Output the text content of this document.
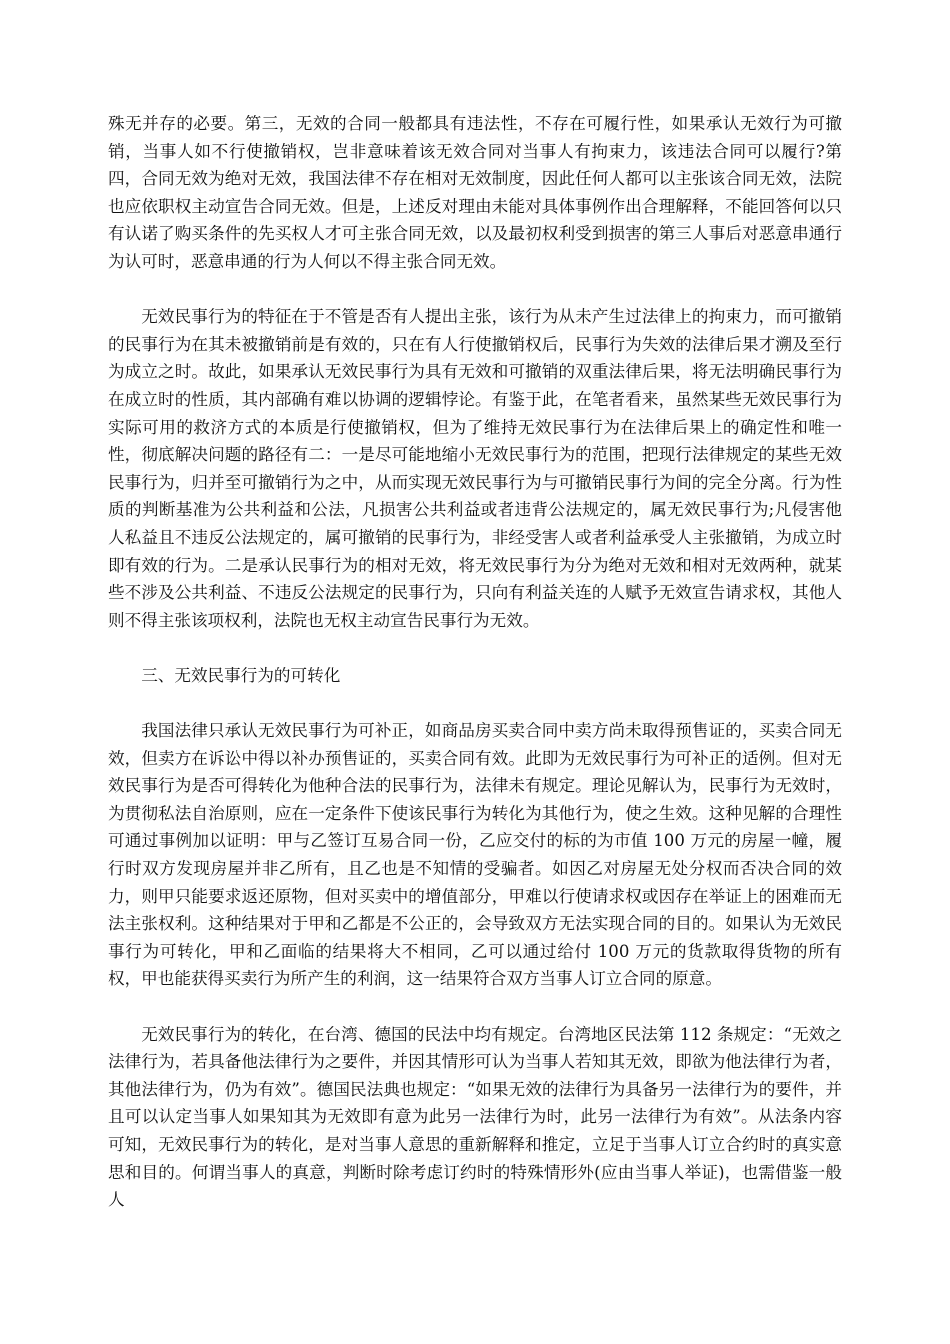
殊无并存的必要。第三，无效的合同一般都具有违法性，不存在可履行性，如果承认无效行为可撤销，当事人如不行使撤销权，岂非意味着该无效合同对当事人有拘束力，该违法合同可以履行?第四，合同无效为绝对无效，我国法律不存在相对无效制度，因此任何人都可以主张该合同无效，法院也应依职权主动宣告合同无效。但是，上述反对理由未能对具体事例作出合理解释，不能回答何以只有认诺了购买条件的先买权人才可主张合同无效，以及最初权利受到损害的第三人事后对恶意串通行为认可时，恶意串通的行为人何以不得主张合同无效。

无效民事行为的特征在于不管是否有人提出主张，该行为从未产生过法律上的拘束力，而可撤销的民事行为在其未被撤销前是有效的，只在有人行使撤销权后，民事行为失效的法律后果才溯及至行为成立之时。故此，如果承认无效民事行为具有无效和可撤销的双重法律后果，将无法明确民事行为在成立时的性质，其内部确有难以协调的逻辑悖论。有鉴于此，在笔者看来，虽然某些无效民事行为实际可用的救济方式的本质是行使撤销权，但为了维持无效民事行为在法律后果上的确定性和唯一性，彻底解决问题的路径有二：一是尽可能地缩小无效民事行为的范围，把现行法律规定的某些无效民事行为，归并至可撤销行为之中，从而实现无效民事行为与可撤销民事行为间的完全分离。行为性质的判断基准为公共利益和公法，凡损害公共利益或者违背公法规定的，属无效民事行为;凡侵害他人私益且不违反公法规定的，属可撤销的民事行为，非经受害人或者利益承受人主张撤销，为成立时即有效的行为。二是承认民事行为的相对无效，将无效民事行为分为绝对无效和相对无效两种，就某些不涉及公共利益、不违反公法规定的民事行为，只向有利益关连的人赋予无效宣告请求权，其他人则不得主张该项权利，法院也无权主动宣告民事行为无效。

三、无效民事行为的可转化

我国法律只承认无效民事行为可补正，如商品房买卖合同中卖方尚未取得预售证的，买卖合同无效，但卖方在诉讼中得以补办预售证的，买卖合同有效。此即为无效民事行为可补正的适例。但对无效民事行为是否可得转化为他种合法的民事行为，法律未有规定。理论见解认为，民事行为无效时，为贯彻私法自治原则，应在一定条件下使该民事行为转化为其他行为，使之生效。这种见解的合理性可通过事例加以证明：甲与乙签订互易合同一份，乙应交付的标的为市值 100 万元的房屋一幢，履行时双方发现房屋并非乙所有，且乙也是不知情的受骗者。如因乙对房屋无处分权而否决合同的效力，则甲只能要求返还原物，但对买卖中的增值部分，甲难以行使请求权或因存在举证上的困难而无法主张权利。这种结果对于甲和乙都是不公正的，会导致双方无法实现合同的目的。如果认为无效民事行为可转化，甲和乙面临的结果将大不相同，乙可以通过给付 100 万元的货款取得货物的所有权，甲也能获得买卖行为所产生的利润，这一结果符合双方当事人订立合同的原意。

无效民事行为的转化，在台湾、德国的民法中均有规定。台湾地区民法第 112 条规定：“无效之法律行为，若具备他法律行为之要件，并因其情形可认为当事人若知其无效，即欲为他法律行为者，其他法律行为，仍为有效”。德国民法典也规定：“如果无效的法律行为具备另一法律行为的要件，并且可以认定当事人如果知其为无效即有意为此另一法律行为时，此另一法律行为有效”。从法条内容可知，无效民事行为的转化，是对当事人意思的重新解释和推定，立足于当事人订立合约时的真实意思和目的。何谓当事人的真意，判断时除考虑订约时的特殊情形外(应由当事人举证)，也需借鉴一般人
